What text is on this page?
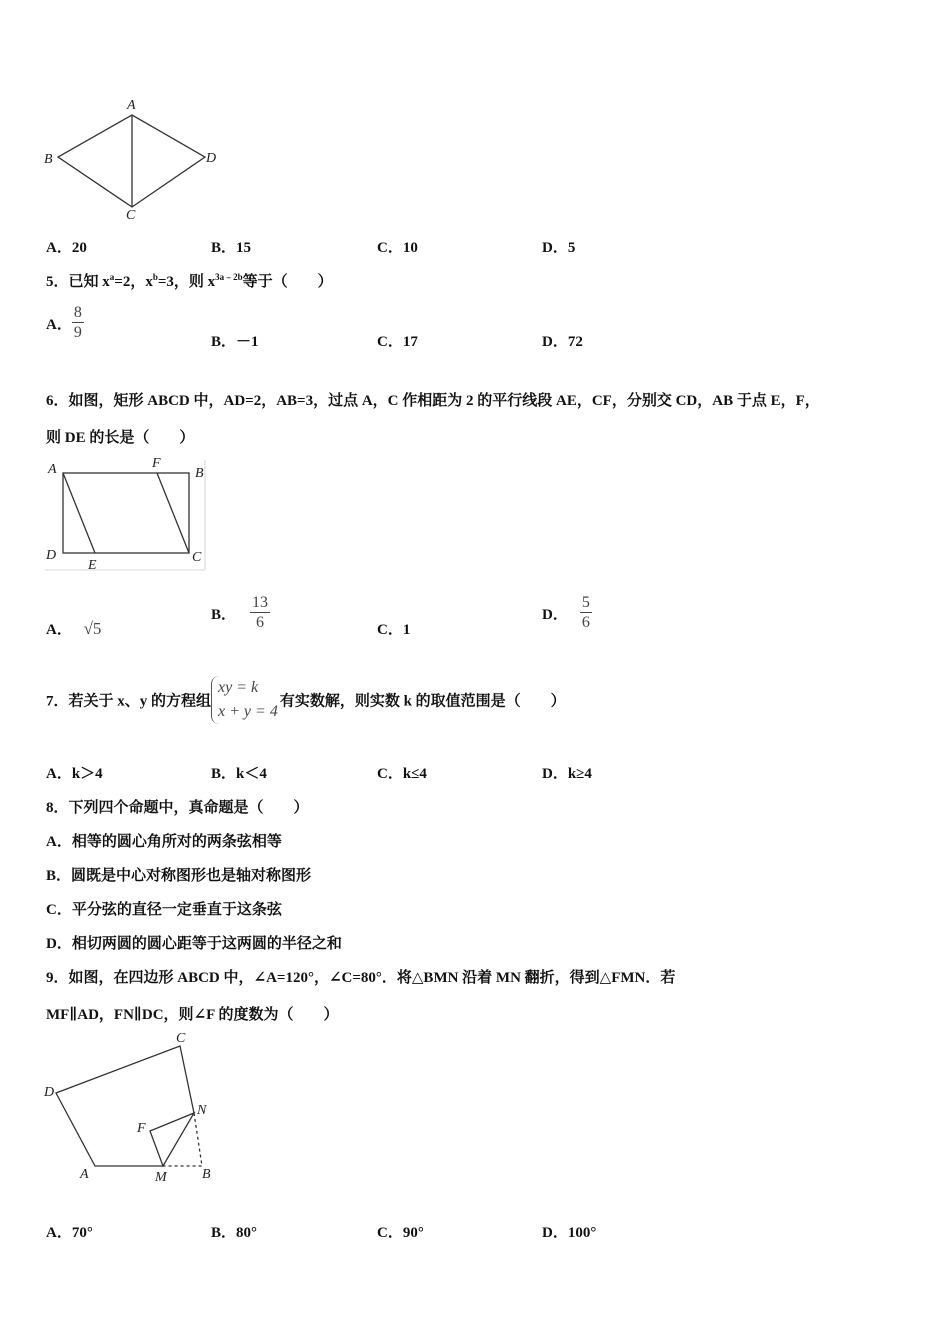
A
B	D
C
A．20	B．15	C．10	D．5
5．已知 $x^a=2$，$x^b=3$，则 $x^{3a﹣2b}$等于（　　）
A． $\frac{8}{9}$	B．－1	C．17	D．72
6．如图，矩形 ABCD 中，AD=2，AB=3，过点 A，C 作相距为 2 的平行线段 AE，CF，分别交 CD，AB 于点 E，F，
则 DE 的长是（　　）
A	F
B
D
E
C
A． √5
B． $\frac{13}{6}$	C．1
D． $\frac{5}{6}$
7．若关于 x、y 的方程组
xy = k
x + y = 4
有实数解，则实数 k 的取值范围是（　　）
A．k＞4	B．k＜4	C．k≤4	D．k≥4
8．下列四个命题中，真命题是（　　）
A．相等的圆心角所对的两条弦相等
B．圆既是中心对称图形也是轴对称图形
C．平分弦的直径一定垂直于这条弦
D．相切两圆的圆心距等于这两圆的半径之和
9．如图，在四边形 ABCD 中，∠A=120°，∠C=80°．将△BMN 沿着 MN 翻折，得到△FMN．若
MF∥AD，FN∥DC，则∠F 的度数为（　　）
C
D
N
F
A	M	B
A．70°	B．80°	C．90°	D．100°
